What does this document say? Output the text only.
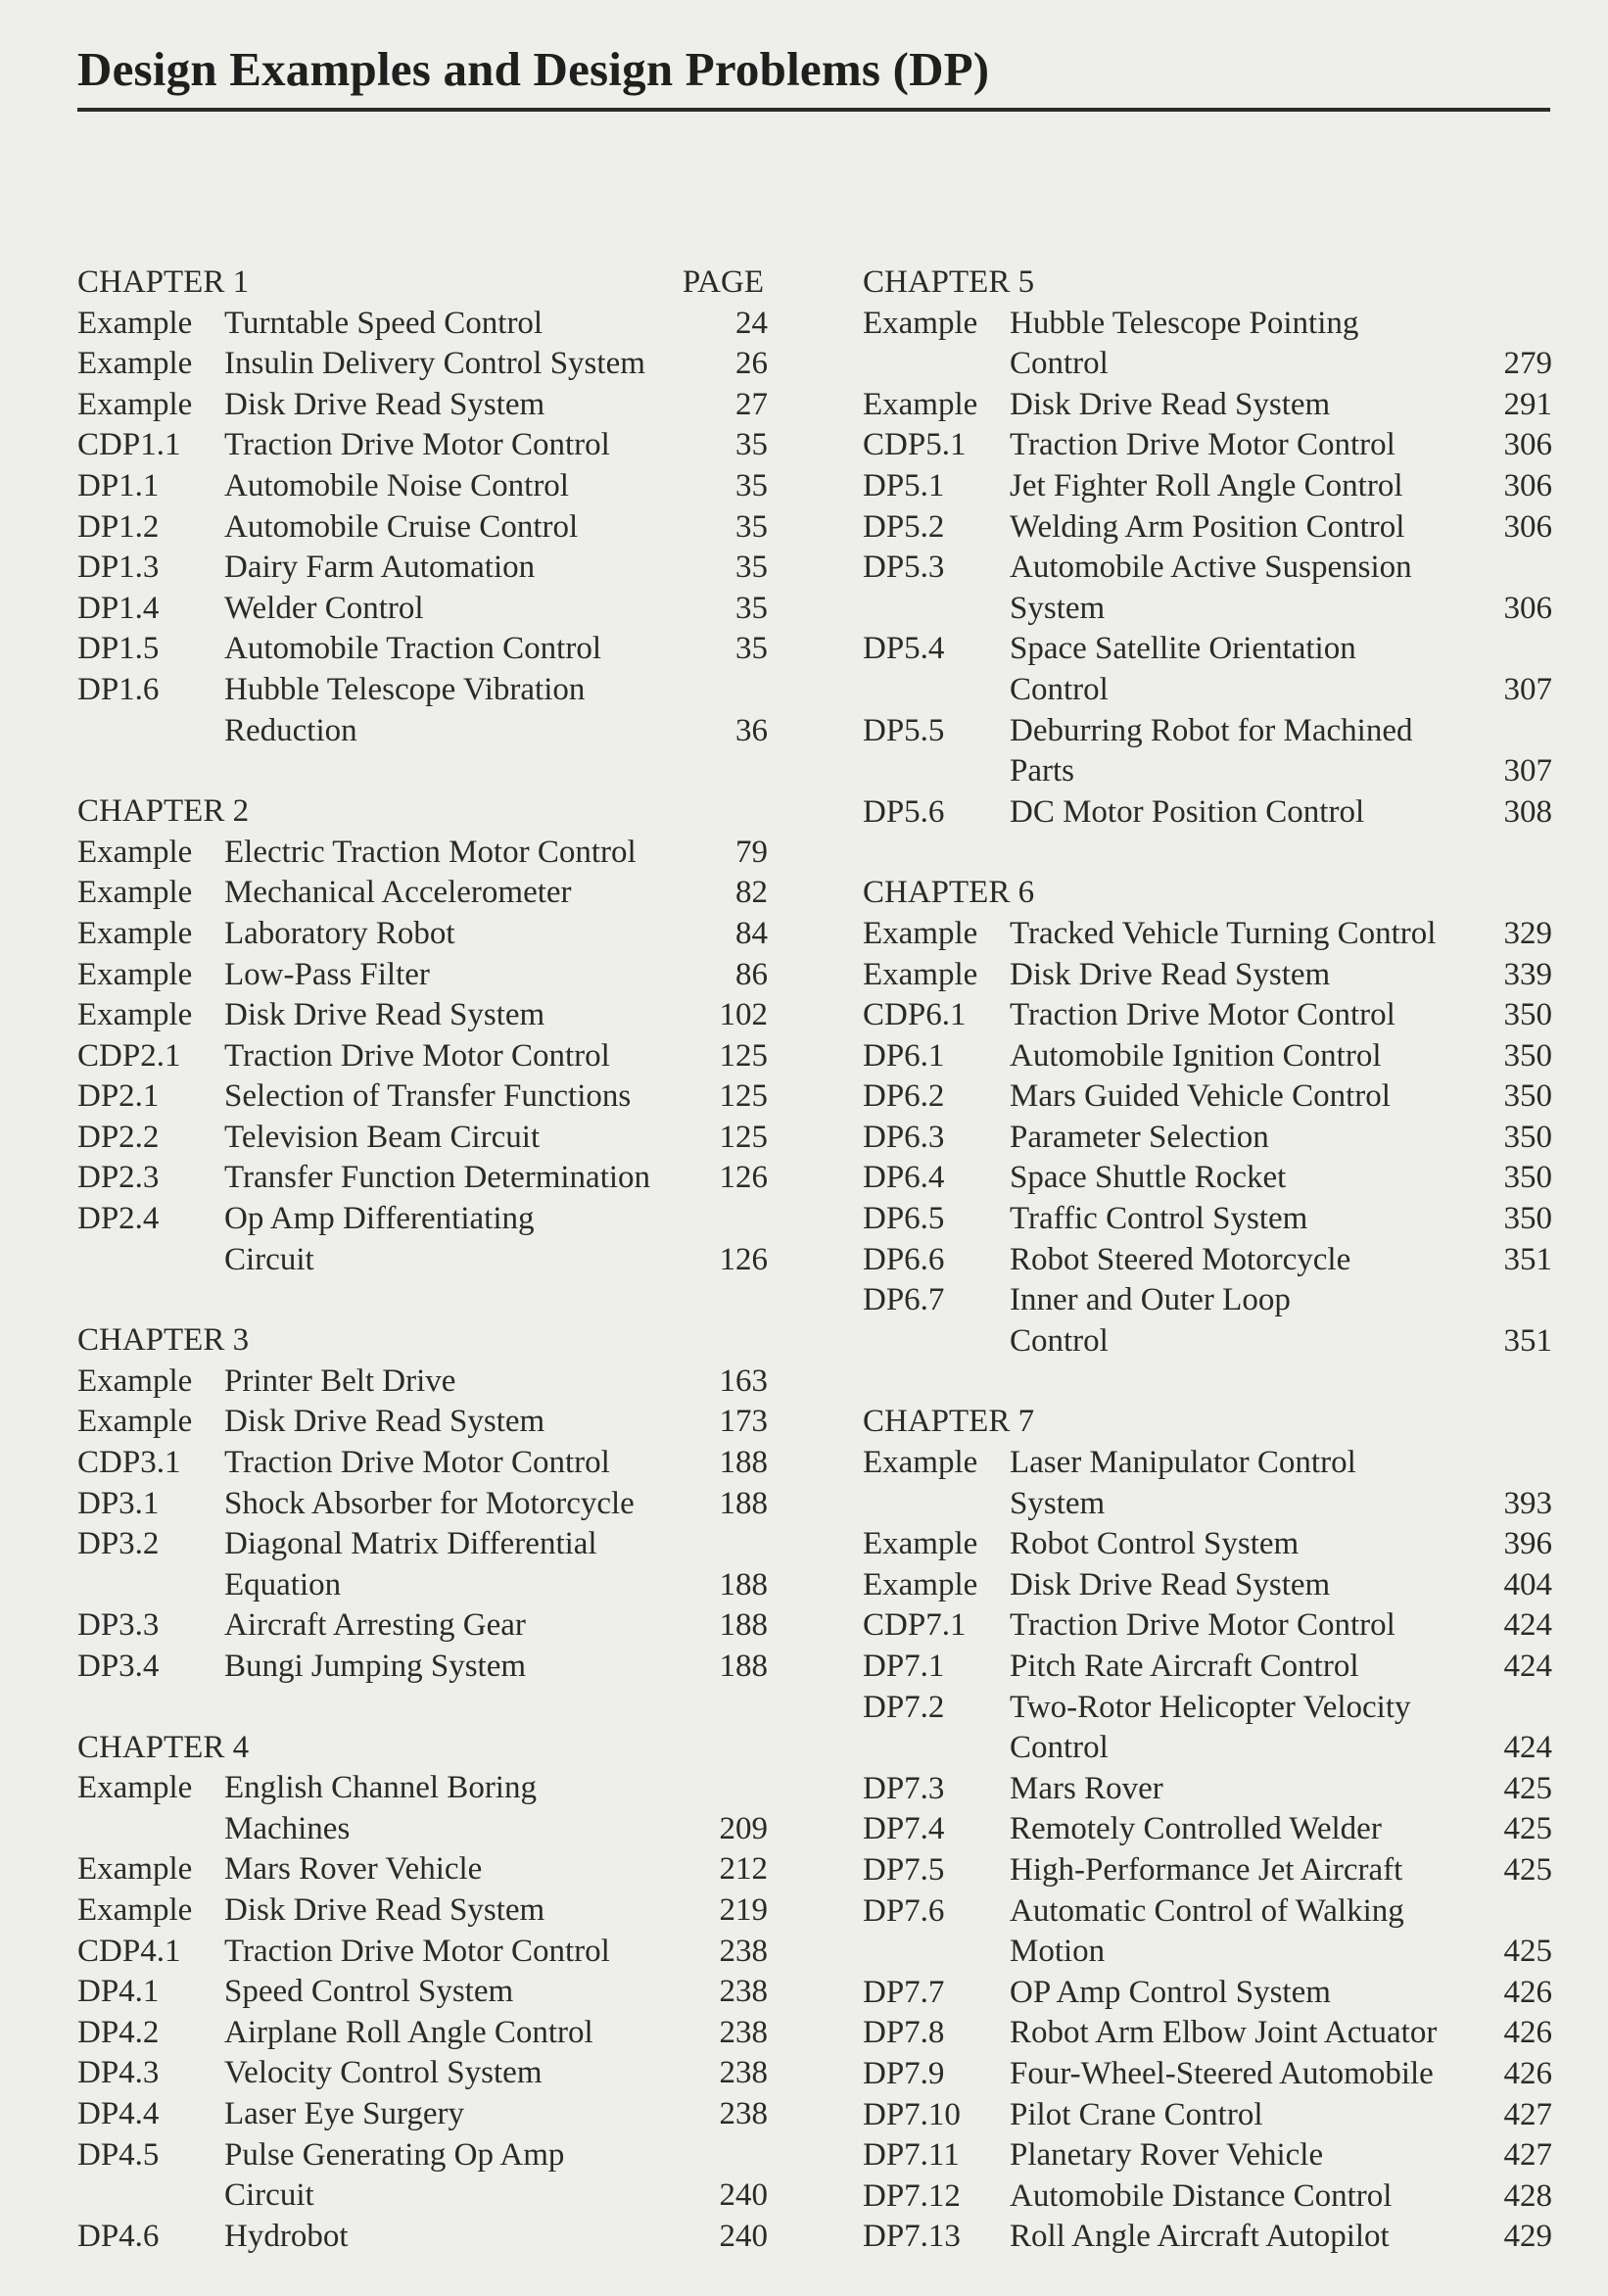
Design Examples and Design Problems (DP)
CHAPTER 1	PAGE
Example Turntable Speed Control	24
Example Insulin Delivery Control System	26
Example Disk Drive Read System	27
CDP1.1 Traction Drive Motor Control	35
DP1.1 Automobile Noise Control	35
DP1.2 Automobile Cruise Control	35
DP1.3 Dairy Farm Automation	35
DP1.4 Welder Control	35
DP1.5 Automobile Traction Control	35
DP1.6 Hubble Telescope Vibration
Reduction	36
CHAPTER 2
Example Electric Traction Motor Control	79
Example Mechanical Accelerometer	82
Example Laboratory Robot	84
Example Low-Pass Filter	86
Example Disk Drive Read System	102
CDP2.1 Traction Drive Motor Control	125
DP2.1 Selection of Transfer Functions	125
DP2.2 Television Beam Circuit	125
DP2.3 Transfer Function Determination	126
DP2.4 Op Amp Differentiating
Circuit	126
CHAPTER 3
Example Printer Belt Drive	163
Example Disk Drive Read System	173
CDP3.1 Traction Drive Motor Control	188
DP3.1 Shock Absorber for Motorcycle	188
DP3.2 Diagonal Matrix Differential
Equation	188
DP3.3 Aircraft Arresting Gear	188
DP3.4 Bungi Jumping System	188
CHAPTER 4
Example English Channel Boring
Machines	209
Example Mars Rover Vehicle	212
Example Disk Drive Read System	219
CDP4.1 Traction Drive Motor Control	238
DP4.1 Speed Control System	238
DP4.2 Airplane Roll Angle Control	238
DP4.3 Velocity Control System	238
DP4.4 Laser Eye Surgery	238
DP4.5 Pulse Generating Op Amp
Circuit	240
DP4.6 Hydrobot	240
CHAPTER 5
Example Hubble Telescope Pointing
Control	279
Example Disk Drive Read System	291
CDP5.1 Traction Drive Motor Control	306
DP5.1 Jet Fighter Roll Angle Control	306
DP5.2 Welding Arm Position Control	306
DP5.3 Automobile Active Suspension
System	306
DP5.4 Space Satellite Orientation
Control	307
DP5.5 Deburring Robot for Machined
Parts	307
DP5.6 DC Motor Position Control	308
CHAPTER 6
Example Tracked Vehicle Turning Control	329
Example Disk Drive Read System	339
CDP6.1 Traction Drive Motor Control	350
DP6.1 Automobile Ignition Control	350
DP6.2 Mars Guided Vehicle Control	350
DP6.3 Parameter Selection	350
DP6.4 Space Shuttle Rocket	350
DP6.5 Traffic Control System	350
DP6.6 Robot Steered Motorcycle	351
DP6.7 Inner and Outer Loop
Control	351
CHAPTER 7
Example Laser Manipulator Control
System	393
Example Robot Control System	396
Example Disk Drive Read System	404
CDP7.1 Traction Drive Motor Control	424
DP7.1 Pitch Rate Aircraft Control	424
DP7.2 Two-Rotor Helicopter Velocity
Control	424
DP7.3 Mars Rover	425
DP7.4 Remotely Controlled Welder	425
DP7.5 High-Performance Jet Aircraft	425
DP7.6 Automatic Control of Walking
Motion	425
DP7.7 OP Amp Control System	426
DP7.8 Robot Arm Elbow Joint Actuator	426
DP7.9 Four-Wheel-Steered Automobile	426
DP7.10 Pilot Crane Control	427
DP7.11 Planetary Rover Vehicle	427
DP7.12 Automobile Distance Control	428
DP7.13 Roll Angle Aircraft Autopilot	429
